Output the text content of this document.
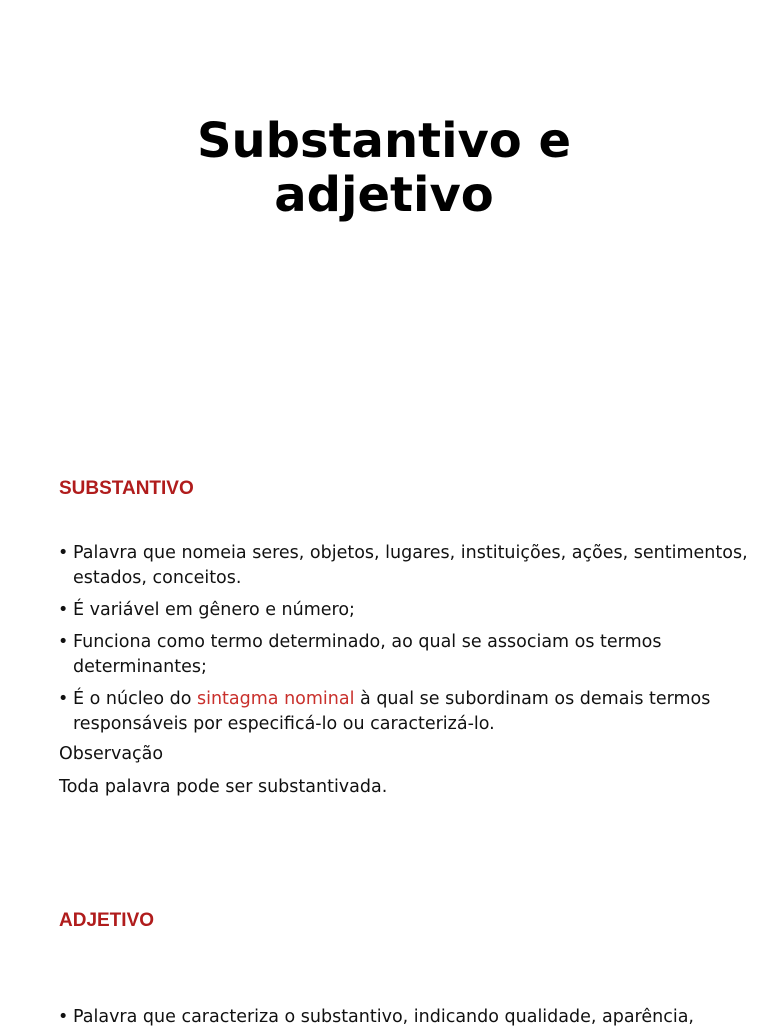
Substantivo e
adjetivo
SUBSTANTIVO
• Palavra que nomeia seres, objetos, lugares, instituições, ações, sentimentos, estados, conceitos.
• É variável em gênero e número;
• Funciona como termo determinado, ao qual se associam os termos determinantes;
• É o núcleo do sintagma nominal à qual se subordinam os demais termos responsáveis por especificá-lo ou caracterizá-lo.

Observação

Toda palavra pode ser substantivada.

ADJETIVO
• Palavra que caracteriza o substantivo, indicando qualidade, aparência,
